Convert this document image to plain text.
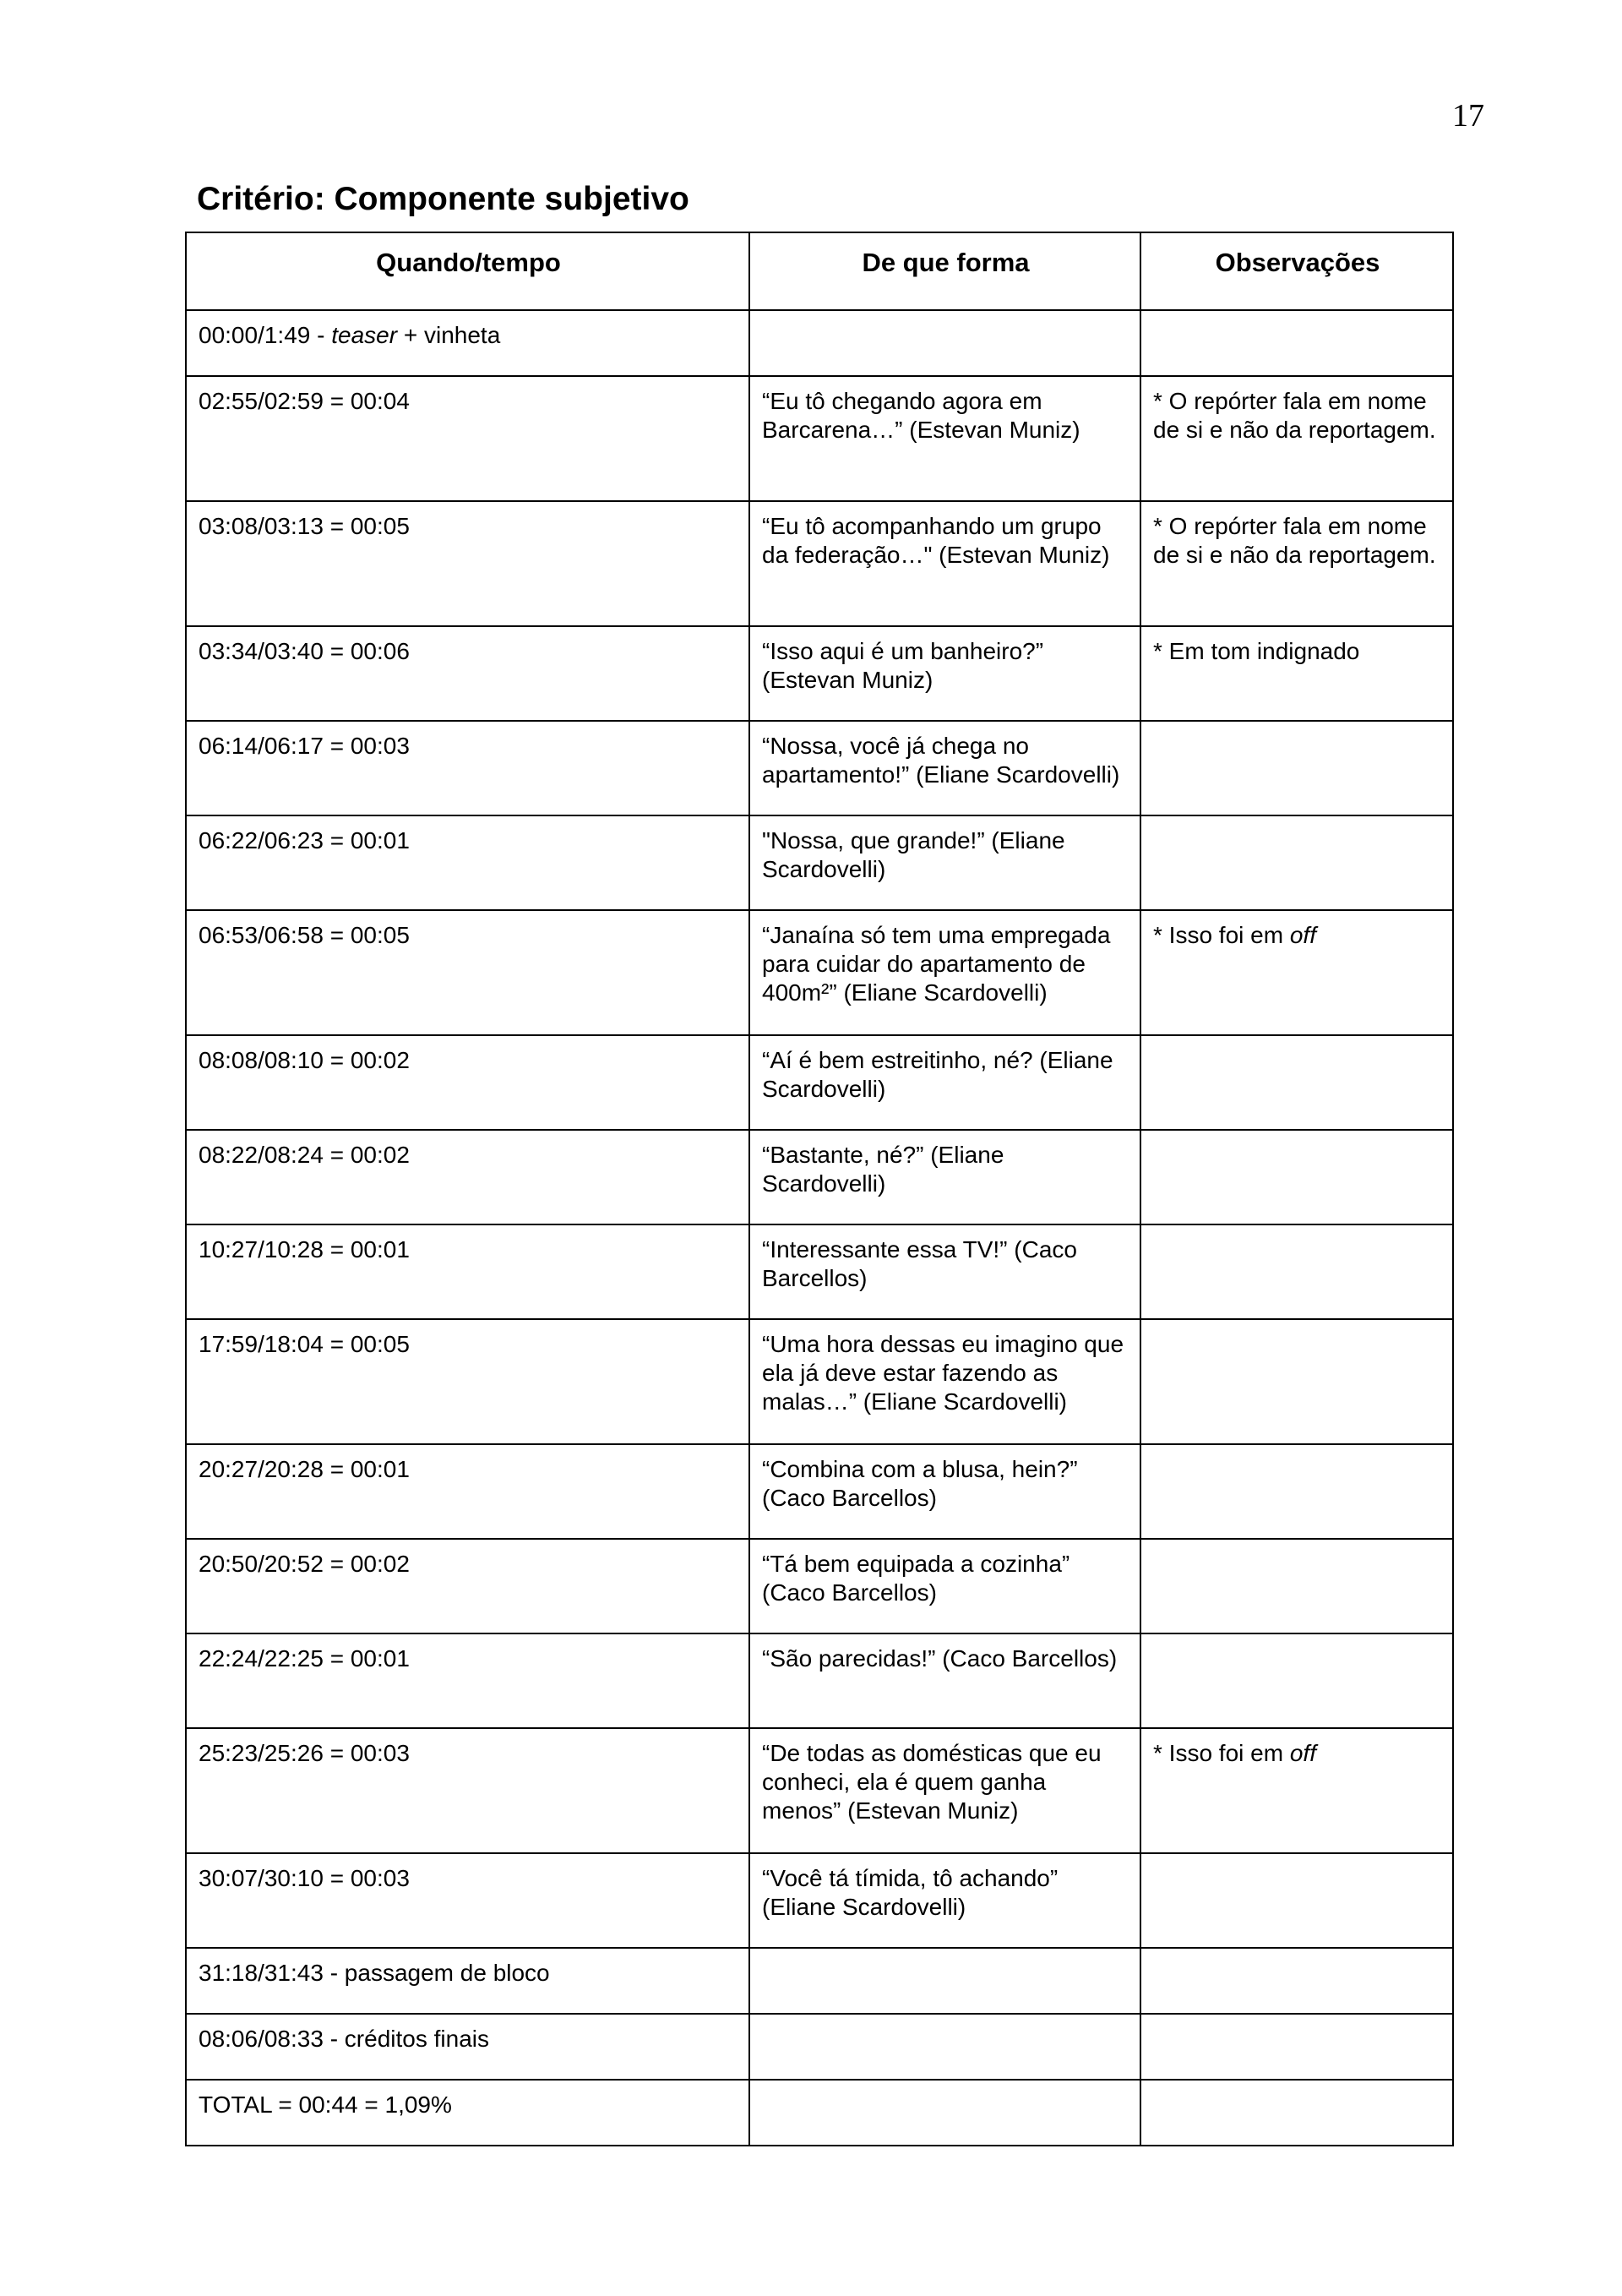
17
Critério: Componente subjetivo
Quando/tempo	De que forma	Observações
00:00/1:49 - teaser + vinheta		
02:55/02:59 = 00:04	“Eu tô chegando agora em Barcarena…” (Estevan Muniz)	* O repórter fala em nome de si e não da reportagem.
03:08/03:13 = 00:05	“Eu tô acompanhando um grupo da federação…" (Estevan Muniz)	* O repórter fala em nome de si e não da reportagem.
03:34/03:40 = 00:06	“Isso aqui é um banheiro?” (Estevan Muniz)	* Em tom indignado
06:14/06:17 = 00:03	“Nossa, você já chega no apartamento!” (Eliane Scardovelli)	
06:22/06:23 = 00:01	"Nossa, que grande!” (Eliane Scardovelli)	
06:53/06:58 = 00:05	“Janaína só tem uma empregada para cuidar do apartamento de 400m²” (Eliane Scardovelli)	* Isso foi em off
08:08/08:10 = 00:02	“Aí é bem estreitinho, né? (Eliane Scardovelli)	
08:22/08:24 = 00:02	“Bastante, né?” (Eliane Scardovelli)	
10:27/10:28 = 00:01	“Interessante essa TV!” (Caco Barcellos)	
17:59/18:04 = 00:05	“Uma hora dessas eu imagino que ela já deve estar fazendo as malas…” (Eliane Scardovelli)	
20:27/20:28 = 00:01	“Combina com a blusa, hein?” (Caco Barcellos)	
20:50/20:52 = 00:02	“Tá bem equipada a cozinha” (Caco Barcellos)	
22:24/22:25 = 00:01	“São parecidas!” (Caco Barcellos)	
25:23/25:26 = 00:03	“De todas as domésticas que eu conheci, ela é quem ganha menos” (Estevan Muniz)	* Isso foi em off
30:07/30:10 = 00:03	“Você tá tímida, tô achando” (Eliane Scardovelli)	
31:18/31:43 - passagem de bloco		
08:06/08:33 - créditos finais		
TOTAL = 00:44 = 1,09%		
